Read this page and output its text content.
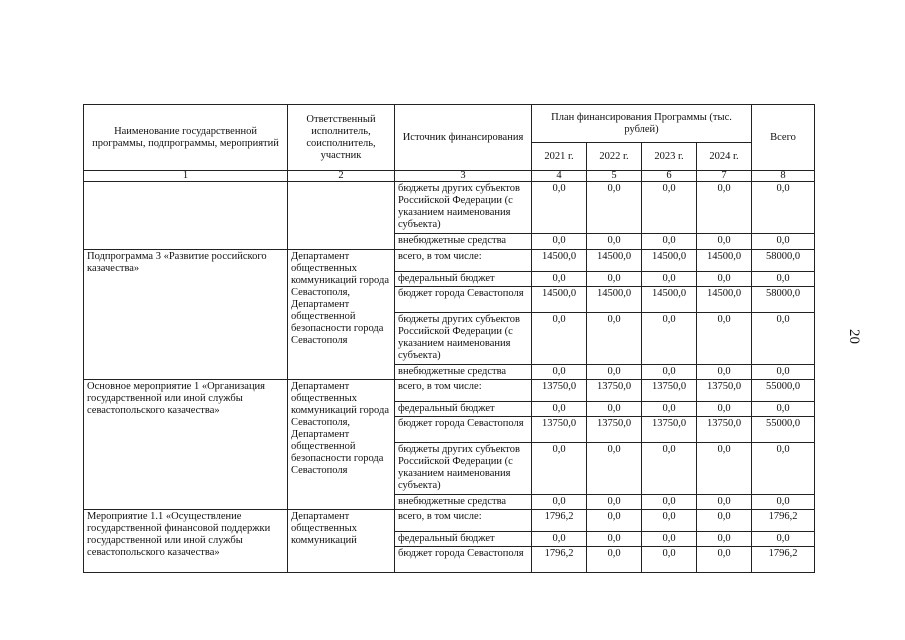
Наименование государственной программы, подпрограммы, мероприятий	Ответственный исполнитель, соисполнитель, участник	Источник финансирования	План финансирования Программы (тыс. рублей)				Всего
			2021 г.	2022 г.	2023 г.	2024 г.	
1	2	3	4	5	6	7	8
		бюджеты других субъектов Российской Федерации (с указанием наименования субъекта)	0,0	0,0	0,0	0,0	0,0
		внебюджетные средства	0,0	0,0	0,0	0,0	0,0
Подпрограмма 3 «Развитие российского казачества»	Департамент общественных коммуникаций города Севастополя, Департамент общественной безопасности города Севастополя	всего, в том числе:	14500,0	14500,0	14500,0	14500,0	58000,0
		федеральный бюджет	0,0	0,0	0,0	0,0	0,0
		бюджет города Севастополя	14500,0	14500,0	14500,0	14500,0	58000,0
		бюджеты других субъектов Российской Федерации (с указанием наименования субъекта)	0,0	0,0	0,0	0,0	0,0
		внебюджетные средства	0,0	0,0	0,0	0,0	0,0
Основное мероприятие 1 «Организация государственной или иной службы севастопольского казачества»	Департамент общественных коммуникаций города Севастополя, Департамент общественной безопасности города Севастополя	всего, в том числе:	13750,0	13750,0	13750,0	13750,0	55000,0
		федеральный бюджет	0,0	0,0	0,0	0,0	0,0
		бюджет города Севастополя	13750,0	13750,0	13750,0	13750,0	55000,0
		бюджеты других субъектов Российской Федерации (с указанием наименования субъекта)	0,0	0,0	0,0	0,0	0,0
		внебюджетные средства	0,0	0,0	0,0	0,0	0,0
Мероприятие 1.1 «Осуществление государственной финансовой поддержки государственной или иной службы севастопольского казачества»	Департамент общественных коммуникаций	всего, в том числе:	1796,2	0,0	0,0	0,0	1796,2
		федеральный бюджет	0,0	0,0	0,0	0,0	0,0
		бюджет города Севастополя	1796,2	0,0	0,0	0,0	1796,2
20
